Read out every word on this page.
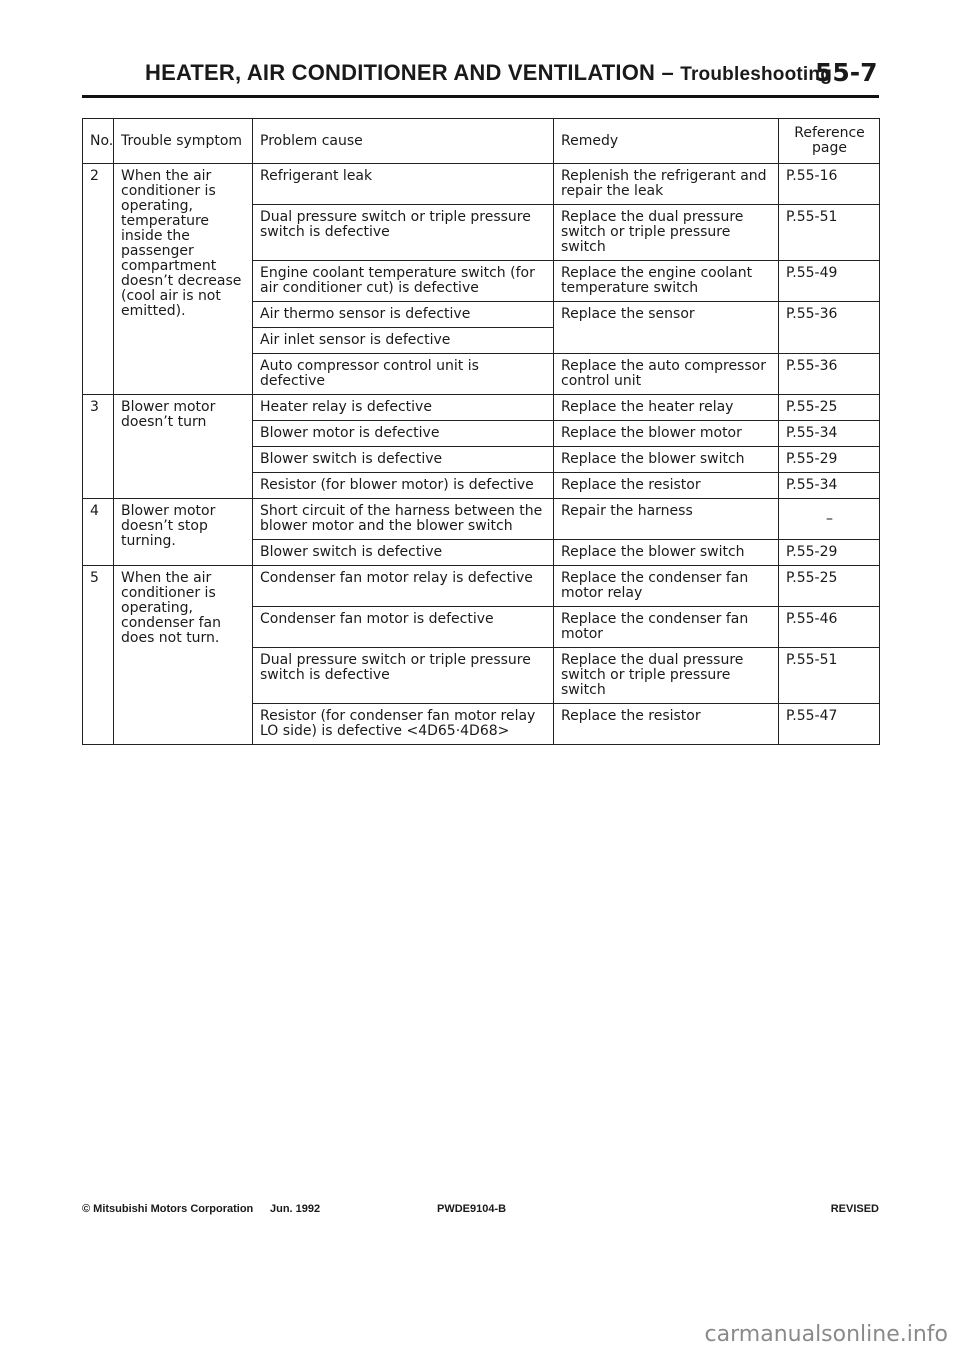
HEATER, AIR CONDITIONER AND VENTILATION – Troubleshooting
55-7
No.	Trouble symptom	Problem cause	Remedy	Reference page
2	When the air conditioner is operating, temperature inside the passenger compartment doesn’t decrease (cool air is not emitted).	Refrigerant leak	Replenish the refrigerant and repair the leak	P.55-16
		Dual pressure switch or triple pressure switch is defective	Replace the dual pressure switch or triple pressure switch	P.55-51
		Engine coolant temperature switch (for air conditioner cut) is defective	Replace the engine coolant temperature switch	P.55-49
		Air thermo sensor is defective	Replace the sensor	P.55-36
		Air inlet sensor is defective		
		Auto compressor control unit is defective	Replace the auto compressor control unit	P.55-36
3	Blower motor doesn’t turn	Heater relay is defective	Replace the heater relay	P.55-25
		Blower motor is defective	Replace the blower motor	P.55-34
		Blower switch is defective	Replace the blower switch	P.55-29
		Resistor (for blower motor) is defective	Replace the resistor	P.55-34
4	Blower motor doesn’t stop turning.	Short circuit of the harness between the blower motor and the blower switch	Repair the harness	–
		Blower switch is defective	Replace the blower switch	P.55-29
5	When the air conditioner is operating, condenser fan does not turn.	Condenser fan motor relay is defective	Replace the condenser fan motor relay	P.55-25
		Condenser fan motor is defective	Replace the condenser fan motor	P.55-46
		Dual pressure switch or triple pressure switch is defective	Replace the dual pressure switch or triple pressure switch	P.55-51
		Resistor (for condenser fan motor relay LO side) is defective <4D65·4D68>	Replace the resistor	P.55-47
© Mitsubishi Motors Corporation Jun. 1992	PWDE9104-B	REVISED
carmanualsonline.info
